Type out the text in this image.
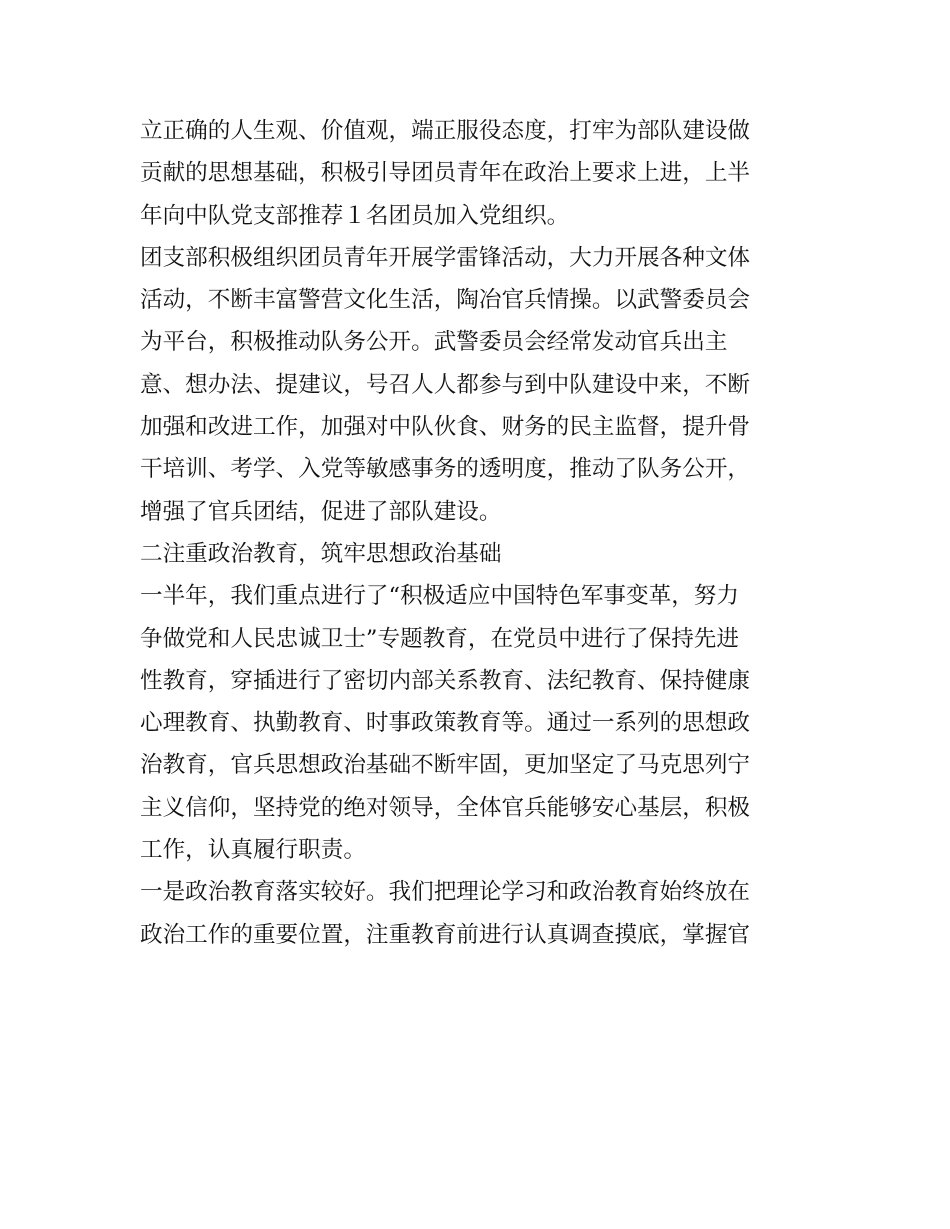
立正确的人生观、价值观，端正服役态度，打牢为部队建设做
贡献的思想基础，积极引导团员青年在政治上要求上进，上半
年向中队党支部推荐１名团员加入党组织。
团支部积极组织团员青年开展学雷锋活动，大力开展各种文体
活动，不断丰富警营文化生活，陶冶官兵情操。以武警委员会
为平台，积极推动队务公开。武警委员会经常发动官兵出主
意、想办法、提建议，号召人人都参与到中队建设中来，不断
加强和改进工作，加强对中队伙食、财务的民主监督，提升骨
干培训、考学、入党等敏感事务的透明度，推动了队务公开，
增强了官兵团结，促进了部队建设。
二注重政治教育，筑牢思想政治基础
一半年，我们重点进行了“积极适应中国特色军事变革，努力
争做党和人民忠诚卫士”专题教育，在党员中进行了保持先进
性教育，穿插进行了密切内部关系教育、法纪教育、保持健康
心理教育、执勤教育、时事政策教育等。通过一系列的思想政
治教育，官兵思想政治基础不断牢固，更加坚定了马克思列宁
主义信仰，坚持党的绝对领导，全体官兵能够安心基层，积极
工作，认真履行职责。
一是政治教育落实较好。我们把理论学习和政治教育始终放在
政治工作的重要位置，注重教育前进行认真调查摸底，掌握官
